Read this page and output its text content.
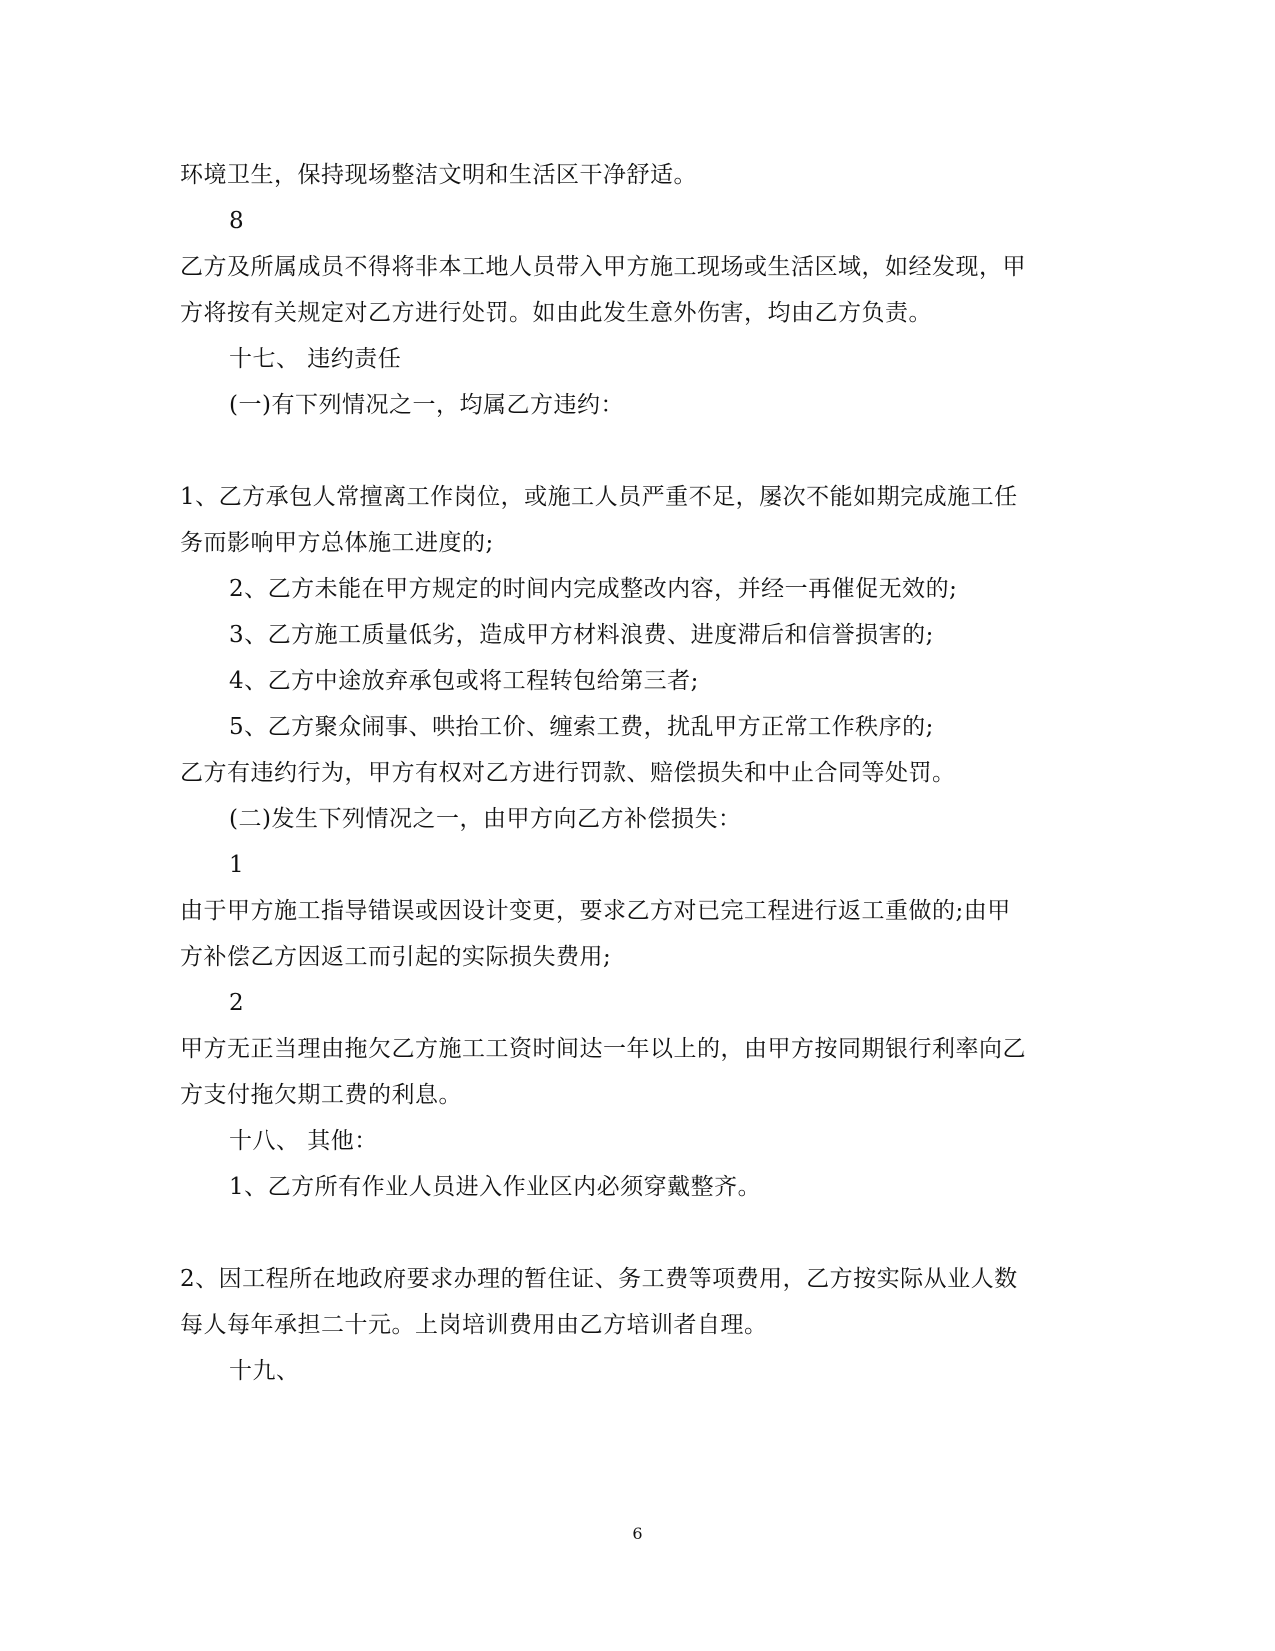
环境卫生，保持现场整洁文明和生活区干净舒适。
8
乙方及所属成员不得将非本工地人员带入甲方施工现场或生活区域，如经发现，甲
方将按有关规定对乙方进行处罚。如由此发生意外伤害，均由乙方负责。
十七、 违约责任
(一)有下列情况之一，均属乙方违约：
1、乙方承包人常擅离工作岗位，或施工人员严重不足，屡次不能如期完成施工任
务而影响甲方总体施工进度的;
2、乙方未能在甲方规定的时间内完成整改内容，并经一再催促无效的;
3、乙方施工质量低劣，造成甲方材料浪费、进度滞后和信誉损害的;
4、乙方中途放弃承包或将工程转包给第三者;
5、乙方聚众闹事、哄抬工价、缠索工费，扰乱甲方正常工作秩序的;
乙方有违约行为，甲方有权对乙方进行罚款、赔偿损失和中止合同等处罚。
(二)发生下列情况之一，由甲方向乙方补偿损失：
1
由于甲方施工指导错误或因设计变更，要求乙方对已完工程进行返工重做的;由甲
方补偿乙方因返工而引起的实际损失费用;
2
甲方无正当理由拖欠乙方施工工资时间达一年以上的，由甲方按同期银行利率向乙
方支付拖欠期工费的利息。
十八、 其他：
1、乙方所有作业人员进入作业区内必须穿戴整齐。
2、因工程所在地政府要求办理的暂住证、务工费等项费用，乙方按实际从业人数
每人每年承担二十元。上岗培训费用由乙方培训者自理。
十九、
6
